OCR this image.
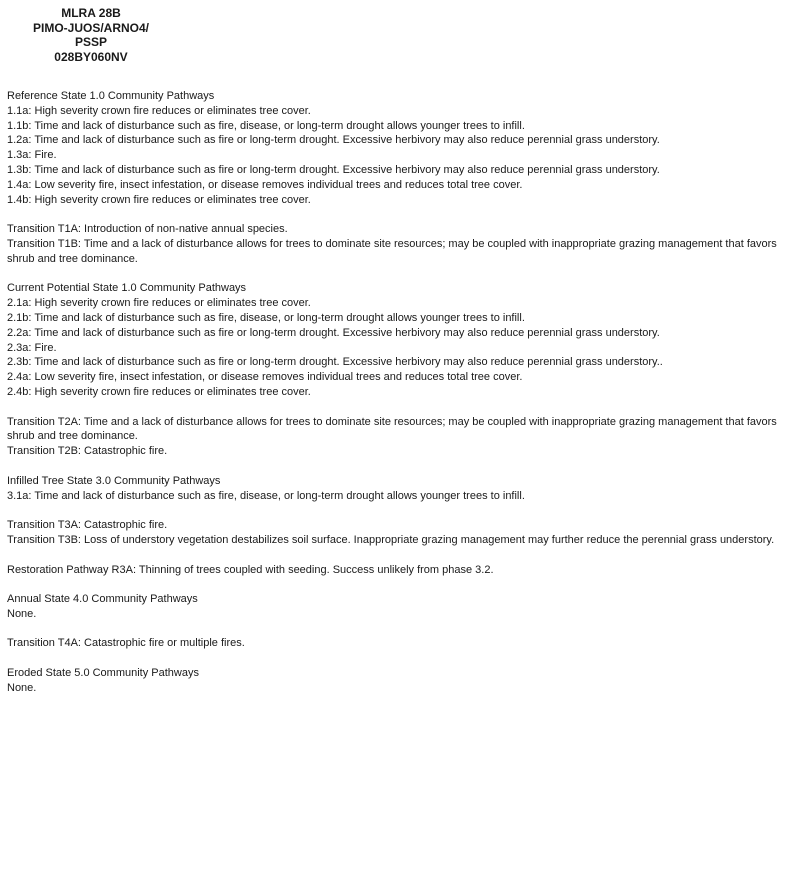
MLRA 28B
PIMO-JUOS/ARNO4/
PSSP
028BY060NV
Reference State 1.0 Community Pathways
1.1a: High severity crown fire reduces or eliminates tree cover.
1.1b: Time and lack of disturbance such as fire, disease, or long-term drought allows younger trees to infill.
1.2a: Time and lack of disturbance such as fire or long-term drought. Excessive herbivory may also reduce perennial grass understory.
1.3a: Fire.
1.3b: Time and lack of disturbance such as fire or long-term drought. Excessive herbivory may also reduce perennial grass understory.
1.4a: Low severity fire, insect infestation, or disease removes individual trees and reduces total tree cover.
1.4b: High severity crown fire reduces or eliminates tree cover.
Transition T1A: Introduction of non-native annual species.
Transition T1B: Time and a lack of disturbance allows for trees to dominate site resources; may be coupled with inappropriate grazing management that favors shrub and tree dominance.
Current Potential State 1.0 Community Pathways
2.1a: High severity crown fire reduces or eliminates tree cover.
2.1b: Time and lack of disturbance such as fire, disease, or long-term drought allows younger trees to infill.
2.2a: Time and lack of disturbance such as fire or long-term drought. Excessive herbivory may also reduce perennial grass understory.
2.3a: Fire.
2.3b: Time and lack of disturbance such as fire or long-term drought. Excessive herbivory may also reduce perennial grass understory..
2.4a: Low severity fire, insect infestation, or disease removes individual trees and reduces total tree cover.
2.4b: High severity crown fire reduces or eliminates tree cover.
Transition T2A: Time and a lack of disturbance allows for trees to dominate site resources; may be coupled with inappropriate grazing management that favors shrub and tree dominance.
Transition T2B: Catastrophic fire.
Infilled Tree State 3.0 Community Pathways
3.1a: Time and lack of disturbance such as fire, disease, or long-term drought allows younger trees to infill.
Transition T3A: Catastrophic fire.
Transition T3B: Loss of understory vegetation destabilizes soil surface. Inappropriate grazing management may further reduce the perennial grass understory.
Restoration Pathway R3A: Thinning of trees coupled with seeding. Success unlikely from phase 3.2.
Annual State 4.0 Community Pathways
None.
Transition T4A: Catastrophic fire or multiple fires.
Eroded State 5.0 Community Pathways
None.
